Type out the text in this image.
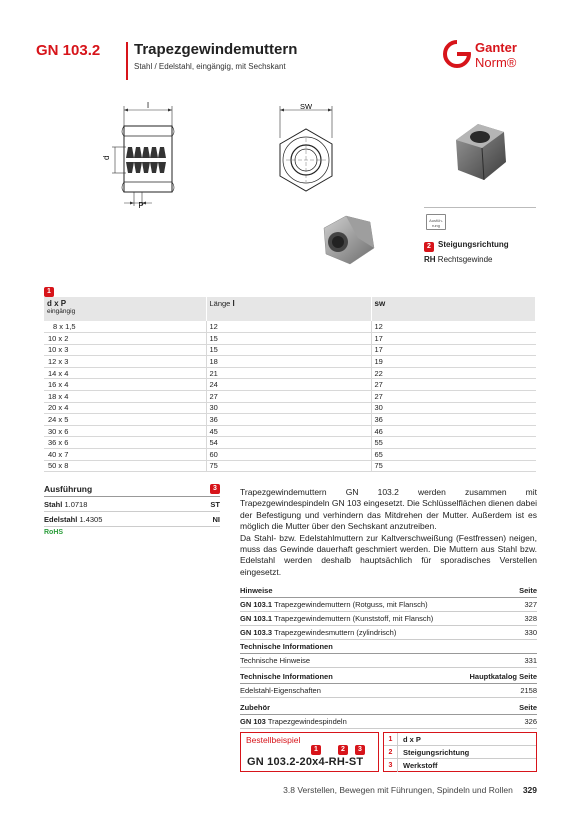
GN 103.2 Trapezgewindemuttern
Stahl / Edelstahl, eingängig, mit Sechskant
Ganter
Norm®
l
d
P
SW
Ausfüh- rung
2 Steigungsrichtung
RH Rechtsgewinde
1
d x P
eingängig	Länge l	sw
8 x 1,5	12	12
10 x 2	15	17
10 x 3	15	17
12 x 3	18	19
14 x 4	21	22
16 x 4	24	27
18 x 4	27	27
20 x 4	30	30
24 x 5	36	36
30 x 6	45	46
36 x 6	54	55
40 x 7	60	65
50 x 8	75	75
Ausführung	3
Stahl 1.0718	ST
Edelstahl 1.4305	NI
RoHS

Trapezgewindemuttern GN 103.2 werden zusammen mit Trapezgewindespindeln GN 103 eingesetzt. Die Schlüsselflächen dienen dabei der Befestigung und verhindern das Mitdrehen der Mutter. Außerdem ist es möglich die Mutter über den Sechskant anzutreiben.

Da Stahl- bzw. Edelstahlmuttern zur Kaltverschweißung (Festfressen) neigen, muss das Gewinde dauerhaft geschmiert werden. Die Muttern aus Stahl bzw. Edelstahl werden deshalb hauptsächlich für sporadisches Verstellen eingesetzt.

Hinweise	Seite
GN 103.1 Trapezgewindemuttern (Rotguss, mit Flansch)	327
GN 103.1 Trapezgewindemuttern (Kunststoff, mit Flansch)	328
GN 103.3 Trapezgewindesmuttern (zylindrisch)	330
Technische Informationen
Technische Hinweise	331
Technische Informationen	Hauptkatalog Seite
Edelstahl-Eigenschaften	2158
Zubehör	Seite
GN 103 Trapezgewindespindeln	326
Bestellbeispiel
1	2	3
GN 103.2-20x4-RH-ST
1	d x P
2	Steigungsrichtung
3	Werkstoff
3.8 Verstellen, Bewegen mit Führungen, Spindeln und Rollen 329
